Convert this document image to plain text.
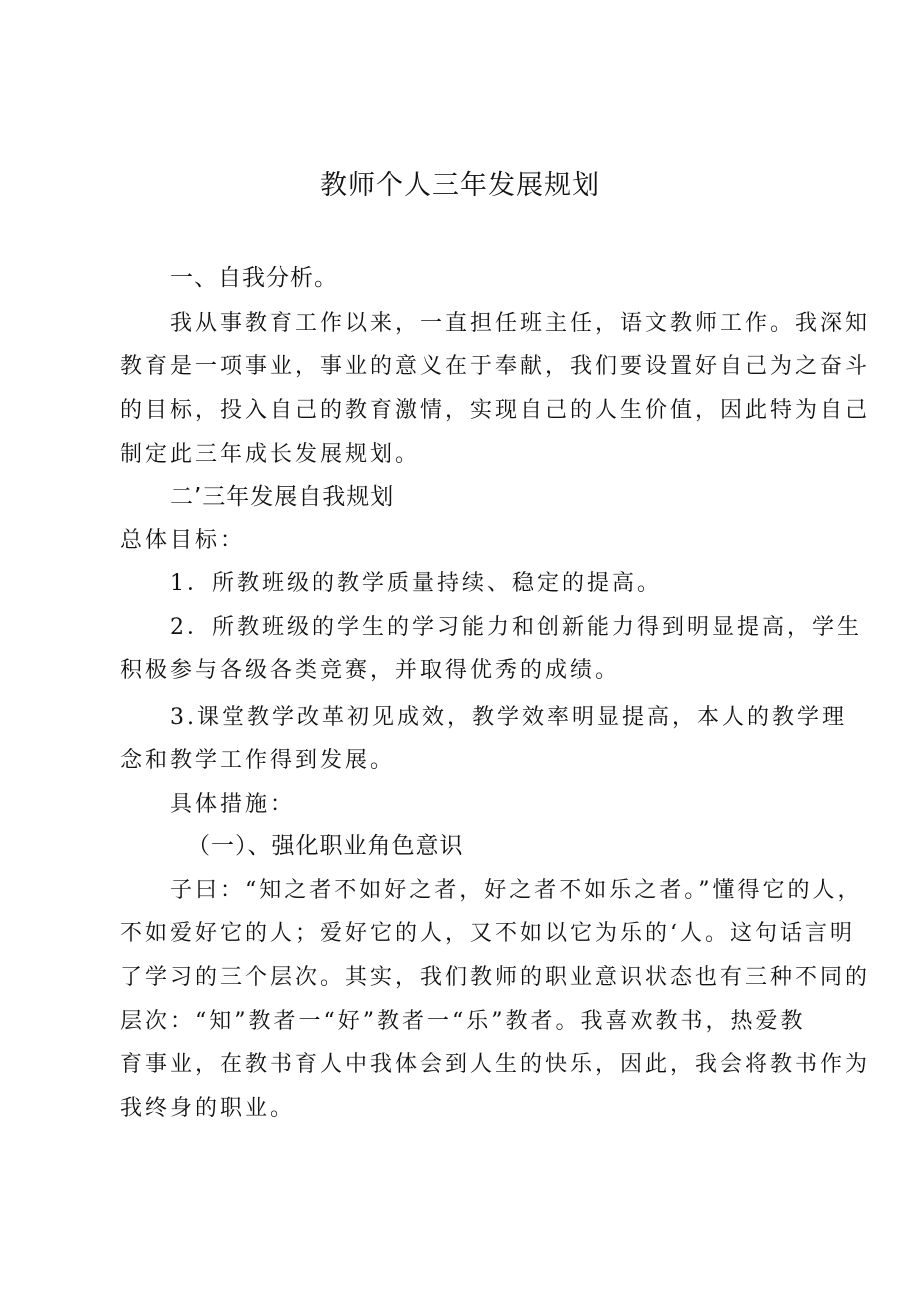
教师个人三年发展规划

一、自我分析。

我从事教育工作以来，一直担任班主任，语文教师工作。我深知

教育是一项事业，事业的意义在于奉献，我们要设置好自己为之奋斗

的目标，投入自己的教育激情，实现自己的人生价值，因此特为自己

制定此三年成长发展规划。

二’三年发展自我规划

总体目标：

1．所教班级的教学质量持续、稳定的提高。

2．所教班级的学生的学习能力和创新能力得到明显提高，学生

积极参与各级各类竞赛，并取得优秀的成绩。

3.课堂教学改革初见成效，教学效率明显提高，本人的教学理

念和教学工作得到发展。

具体措施：

（一）、强化职业角色意识

子曰：“知之者不如好之者，好之者不如乐之者。”懂得它的人，

不如爱好它的人；爱好它的人，又不如以它为乐的‘人。这句话言明

了学习的三个层次。其实，我们教师的职业意识状态也有三种不同的

层次：“知”教者一“好”教者一“乐”教者。我喜欢教书，热爱教

育事业，在教书育人中我体会到人生的快乐，因此，我会将教书作为

我终身的职业。
